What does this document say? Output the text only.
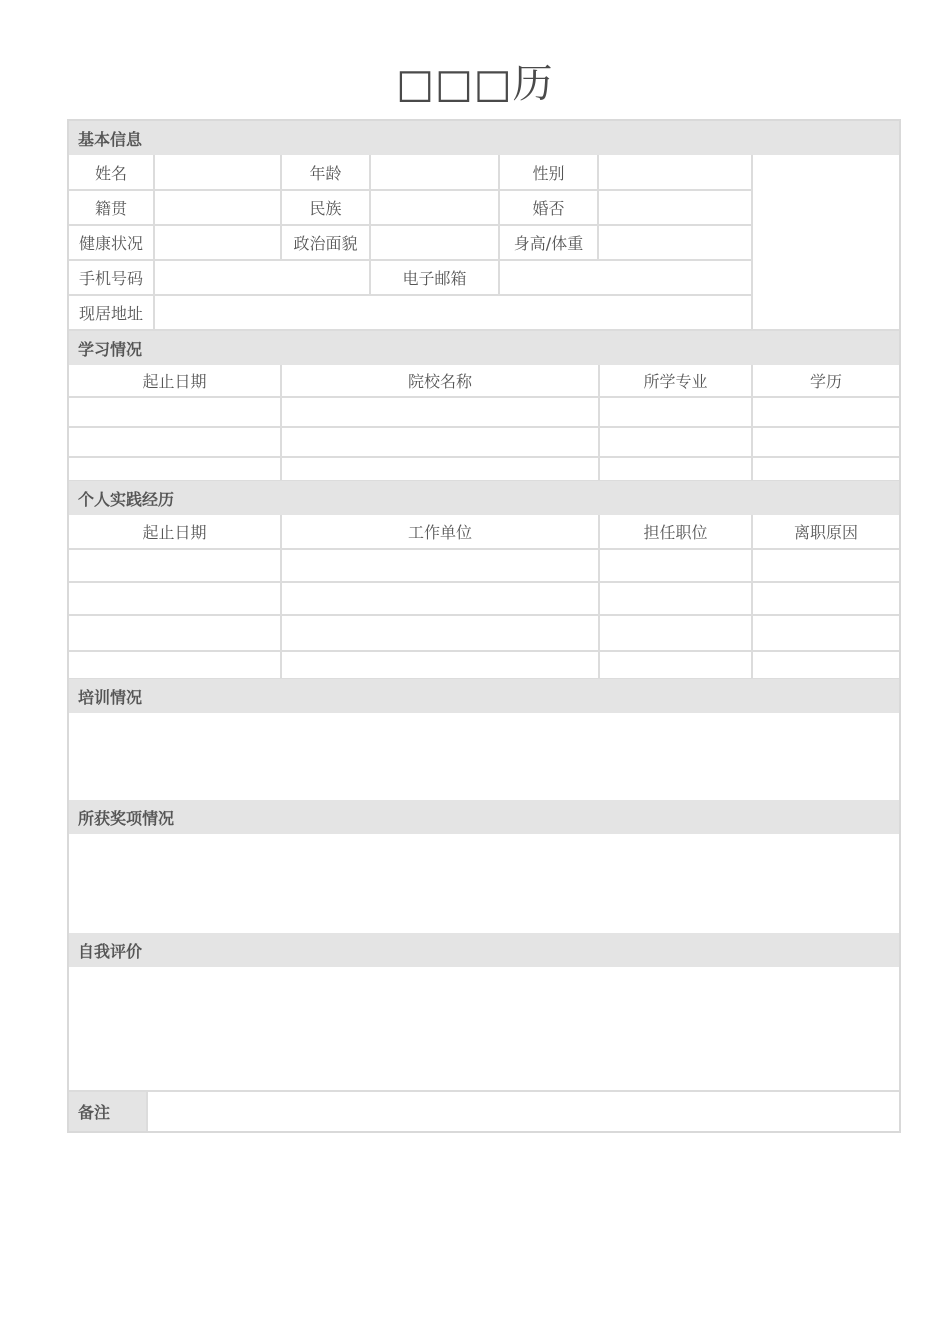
□□□历
基本信息
姓名		年龄		性别		
籍贯		民族		婚否		
健康状况		政治面貌		身高/体重		
手机号码			电子邮箱			
现居地址						
学习情况
起止日期	院校名称	所学专业	学历

个人实践经历
起止日期	工作单位	担任职位	离职原因

培训情况
所获奖项情况
自我评价
备注
